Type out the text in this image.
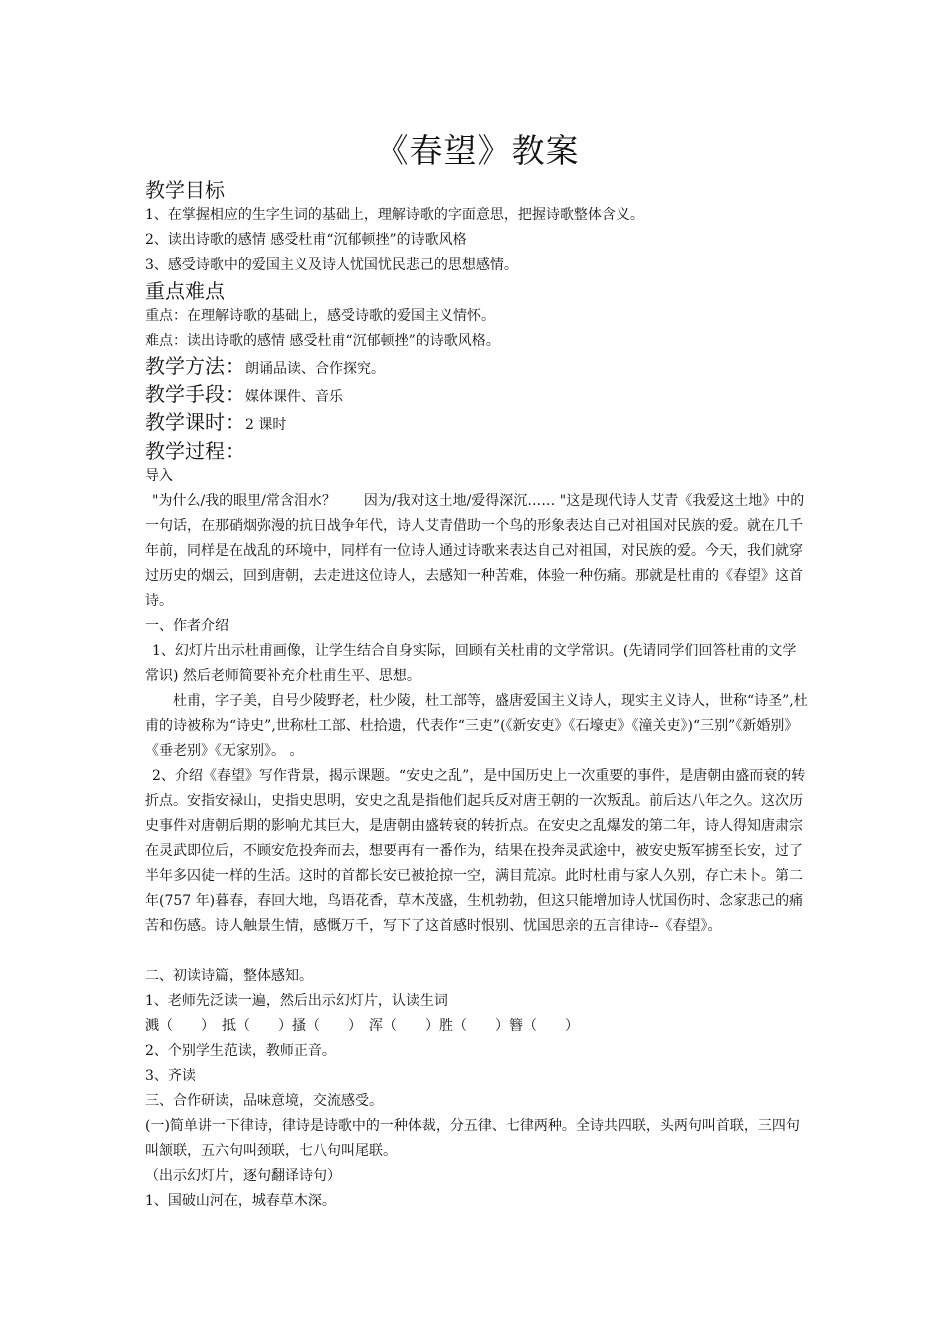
《春望》教案
教学目标

1、在掌握相应的生字生词的基础上，理解诗歌的字面意思，把握诗歌整体含义。

2、读出诗歌的感情 感受杜甫“沉郁顿挫”的诗歌风格

3、感受诗歌中的爱国主义及诗人忧国忧民悲己的思想感情。

重点难点

重点：在理解诗歌的基础上，感受诗歌的爱国主义情怀。

难点：读出诗歌的感情 感受杜甫“沉郁顿挫”的诗歌风格。

教学方法：朗诵品读、合作探究。

教学手段：媒体课件、音乐

教学课时：2 课时

教学过程：

导入

"为什么/我的眼里/常含泪水？　　因为/我对这土地/爱得深沉…… "这是现代诗人艾青《我爱这土地》中的一句话，在那硝烟弥漫的抗日战争年代，诗人艾青借助一个鸟的形象表达自己对祖国对民族的爱。就在几千年前，同样是在战乱的环境中，同样有一位诗人通过诗歌来表达自己对祖国，对民族的爱。今天，我们就穿过历史的烟云，回到唐朝，去走进这位诗人，去感知一种苦难，体验一种伤痛。那就是杜甫的《春望》这首诗。

一、作者介绍

1、幻灯片出示杜甫画像，让学生结合自身实际，回顾有关杜甫的文学常识。(先请同学们回答杜甫的文学常识) 然后老师简要补充介杜甫生平、思想。

杜甫，字子美，自号少陵野老，杜少陵，杜工部等，盛唐爱国主义诗人，现实主义诗人，世称“诗圣”,杜甫的诗被称为“诗史”,世称杜工部、杜拾遗，代表作“三吏”(《新安吏》《石壕吏》《潼关吏》)“三别”《新婚别》《垂老别》《无家别》。 。

2、介绍《春望》写作背景，揭示课题。“安史之乱”，是中国历史上一次重要的事件，是唐朝由盛而衰的转折点。安指安禄山，史指史思明，安史之乱是指他们起兵反对唐王朝的一次叛乱。前后达八年之久。这次历史事件对唐朝后期的影响尤其巨大，是唐朝由盛转衰的转折点。在安史之乱爆发的第二年，诗人得知唐肃宗在灵武即位后，不顾安危投奔而去，想要再有一番作为，结果在投奔灵武途中，被安史叛军掳至长安，过了半年多囚徒一样的生活。这时的首都长安已被抢掠一空，满目荒凉。此时杜甫与家人久别，存亡未卜。第二年(757 年)暮春，春回大地，鸟语花香，草木茂盛，生机勃勃，但这只能增加诗人忧国伤时、念家悲己的痛苦和伤感。诗人触景生情，感慨万千，写下了这首感时恨别、忧国思亲的五言律诗--《春望》。

二、初读诗篇，整体感知。

1、老师先泛读一遍，然后出示幻灯片，认读生词

溅（　　）　抵（　　）搔（　　）　浑（　　）胜（　　）簪（　　）

2、个别学生范读，教师正音。

3、齐读

三、合作研读，品味意境，交流感受。

(一)简单讲一下律诗，律诗是诗歌中的一种体裁，分五律、七律两种。全诗共四联，头两句叫首联，三四句叫颔联，五六句叫颈联，七八句叫尾联。

（出示幻灯片，逐句翻译诗句）

1、国破山河在，城春草木深。
